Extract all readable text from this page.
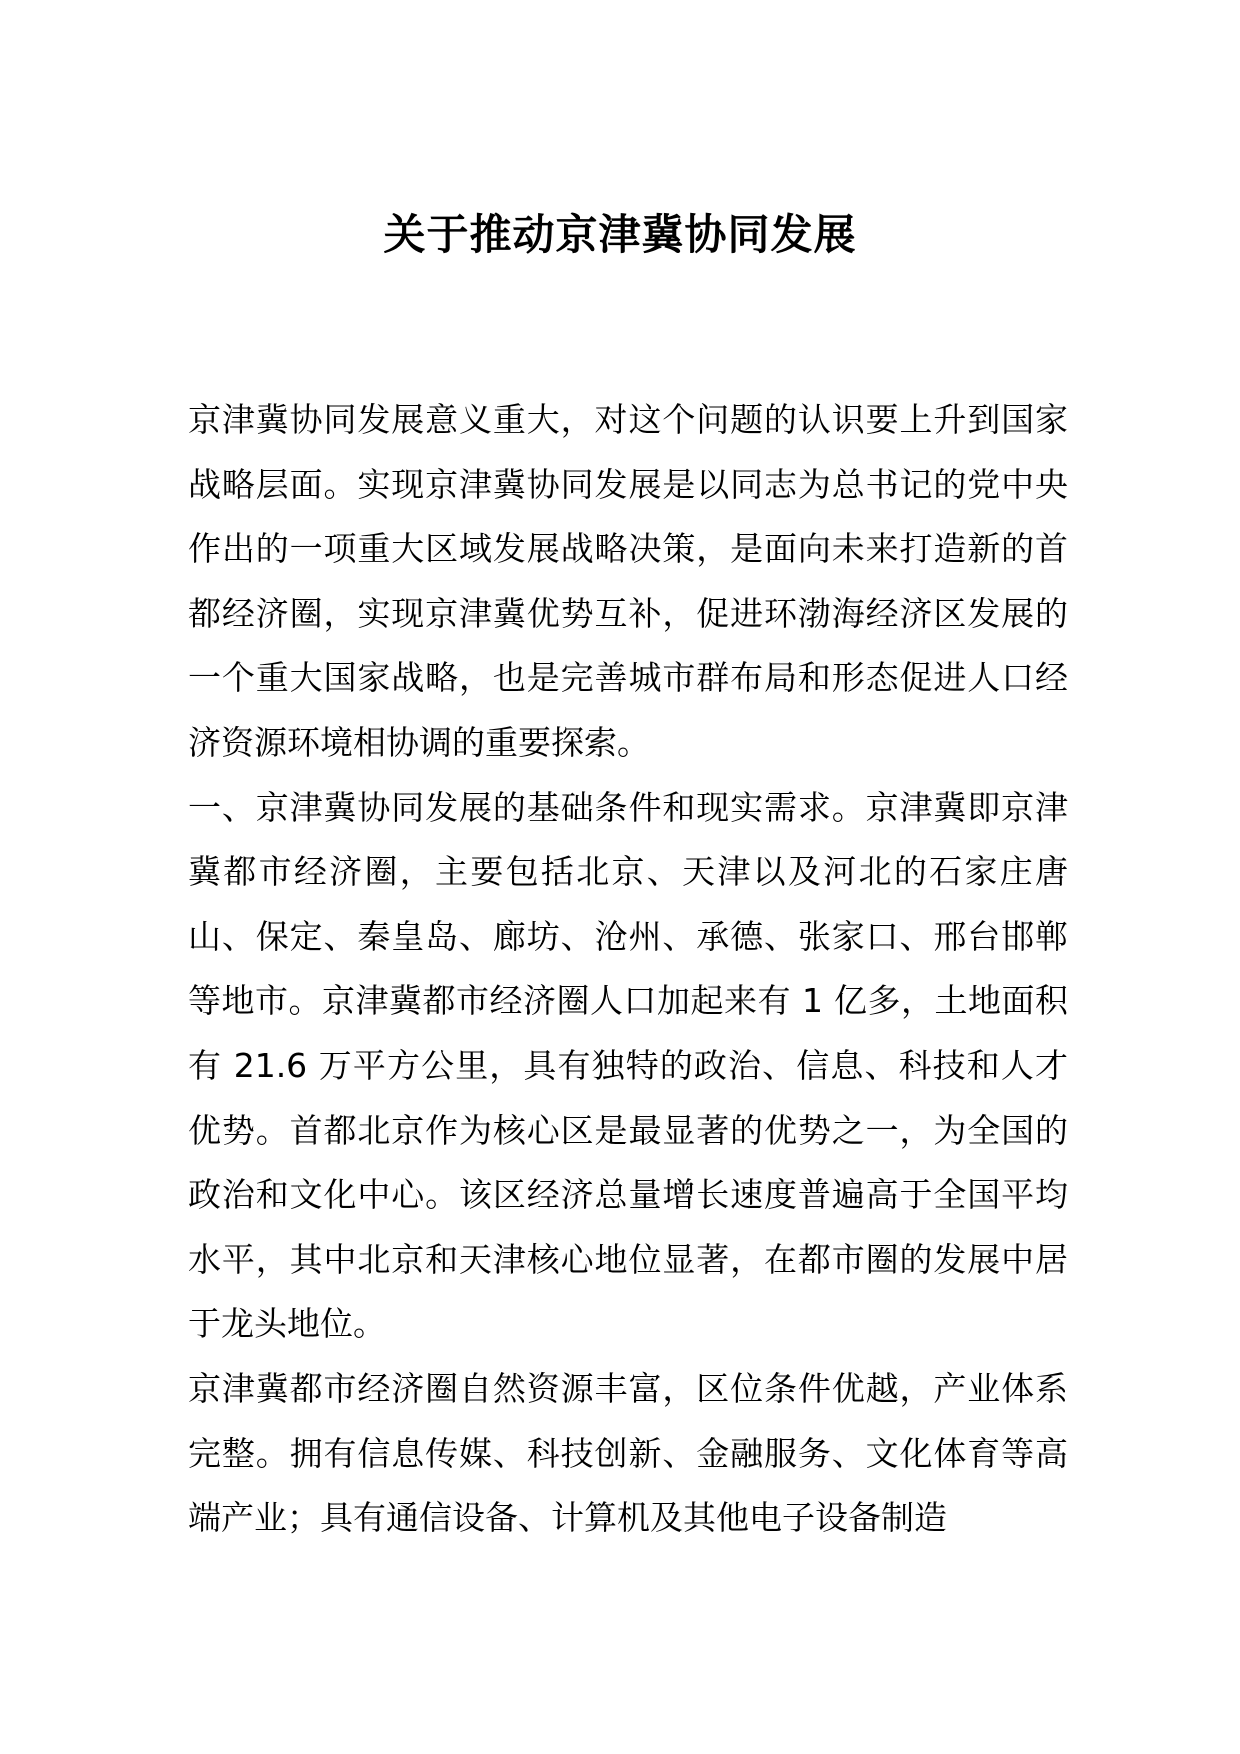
关于推动京津冀协同发展

京津冀协同发展意义重大，对这个问题的认识要上升到国家战略层面。实现京津冀协同发展是以同志为总书记的党中央作出的一项重大区域发展战略决策，是面向未来打造新的首都经济圈，实现京津冀优势互补，促进环渤海经济区发展的一个重大国家战略，也是完善城市群布局和形态促进人口经济资源环境相协调的重要探索。

一、京津冀协同发展的基础条件和现实需求。京津冀即京津冀都市经济圈，主要包括北京、天津以及河北的石家庄唐山、保定、秦皇岛、廊坊、沧州、承德、张家口、邢台邯郸等地市。京津冀都市经济圈人口加起来有 1 亿多，土地面积有 21.6 万平方公里，具有独特的政治、信息、科技和人才优势。首都北京作为核心区是最显著的优势之一，为全国的政治和文化中心。该区经济总量增长速度普遍高于全国平均水平，其中北京和天津核心地位显著，在都市圈的发展中居于龙头地位。

京津冀都市经济圈自然资源丰富，区位条件优越，产业体系完整。拥有信息传媒、科技创新、金融服务、文化体育等高端产业；具有通信设备、计算机及其他电子设备制造
